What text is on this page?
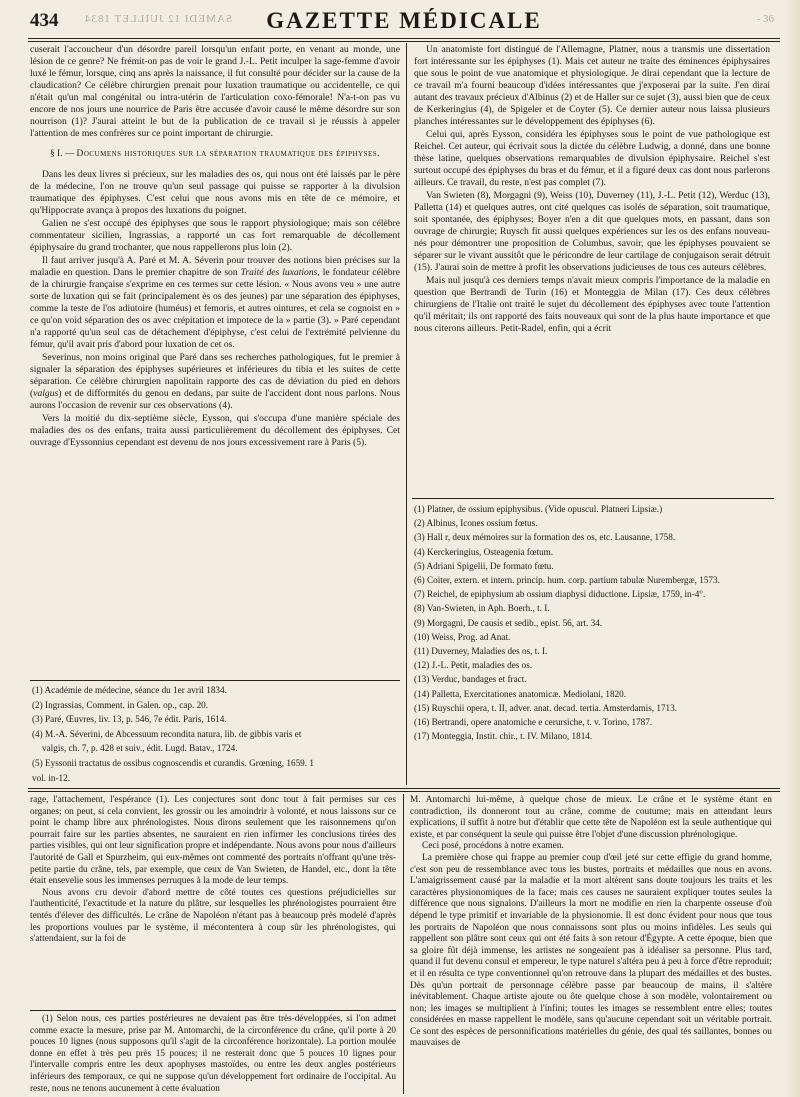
434 SAMEDI 12 JUILLET 1834	GAZETTE MÉDICALE	- 36

cuserait l'accoucheur d'un désordre pareil lorsqu'un enfant porte, en venant au monde, une lésion de ce genre? Ne frémit-on pas de voir le grand J.-L. Petit inculper la sage-femme d'avoir luxé le fémur, lorsque, cinq ans après la naissance, il fut consulté pour décider sur la cause de la claudication? Ce célèbre chirurgien prenait pour luxation traumatique ou accidentelle, ce qui n'était qu'un mal congénital ou intra-utérin de l'articulation coxo-fémorale! N'a-t-on pas vu encore de nos jours une nourrice de Paris être accusée d'avoir causé le même désordre sur son nourrison (1)? J'aurai atteint le but de la publication de ce travail si je réussis à appeler l'attention de mes confrères sur ce point important de chirurgie.

§ I. — Documens historiques sur la séparation traumatique des épiphyses.

Dans les deux livres si précieux, sur les maladies des os, qui nous ont été laissés par le père de la médecine, l'on ne trouve qu'un seul passage qui puisse se rapporter à la divulsion traumatique des épiphyses. C'est celui que nous avons mis en tête de ce mémoire, et qu'Hippocrate avança à propos des luxations du poignet.

Galien ne s'est occupé des épiphyses que sous le rapport physiologique; mais son célèbre commentateur sicilien, Ingrassias, a rapporté un cas fort remarquable de décollement épiphysaire du grand trochanter, que nous rappellerons plus loin (2).

Il faut arriver jusqu'à A. Paré et M. A. Séverin pour trouver des notions bien précises sur la maladie en question. Dans le premier chapitre de son Traité des luxations, le fondateur célèbre de la chirurgie française s'exprime en ces termes sur cette lésion. « Nous avons veu » une autre sorte de luxation qui se fait (principalement ès os des jeunes) par une séparation des épiphyses, comme la teste de l'os adiutoire (huméus) et femoris, et autres ointures, et cela se cognoist en » ce qu'on void séparation des os avec crépitation et impotece de la » partie (3). » Paré cependant n'a rapporté qu'un seul cas de détachement d'épiphyse, c'est celui de l'extrémité pelvienne du fémur, qu'il avait pris d'abord pour luxation de cet os.

Severinus, non moins original que Paré dans ses recherches pathologiques, fut le premier à signaler la séparation des épiphyses supérieures et inférieures du tibia et les suites de cette séparation. Ce célèbre chirurgien napolitain rapporte des cas de déviation du pied en dehors (valgus) et de difformités du genou en dedans, par suite de l'accident dont nous parlons. Nous aurons l'occasion de revenir sur ces observations (4).

Vers la moitié du dix-septième siècle, Eysson, qui s'occupa d'une manière spéciale des maladies des os des enfans, traita aussi particulièrement du décollement des épiphyses. Cet ouvrage d'Eyssonnius cependant est devenu de nos jours excessivement rare à Paris (5).

(1) Académie de médecine, séance du 1er avril 1834.
(2) Ingrassias, Comment. in Galen. op., cap. 20.
(3) Paré, Œuvres, liv. 13, p. 546, 7e édit. Paris, 1614.
(4) M.-A. Séverini, de Abcessuum recondita natura, lib. de gibbis varis et
valgis, ch. 7, p. 428 et suiv., édit. Lugd. Batav., 1724.
(5) Eyssonii tractatus de ossibus cognoscendis et curandis. Grœning, 1659. 1
vol. in-12.

Un anatomiste fort distingué de l'Allemagne, Platner, nous a transmis une dissertation fort intéressante sur les épiphyses (1). Mais cet auteur ne traite des éminences épiphysaires que sous le point de vue anatomique et physiologique. Je dirai cependant que la lecture de ce travail m'a fourni beaucoup d'idées intéressantes que j'exposerai par la suite. J'en dirai autant des travaux précieux d'Albinus (2) et de Haller sur ce sujet (3), aussi bien que de ceux de Kerkeringius (4), de Spigeler et de Coyter (5). Ce dernier auteur nous laissa plusieurs planches intéressantes sur le développement des épiphyses (6).

Celui qui, après Eysson, considéra les épiphyses sous le point de vue pathologique est Reichel. Cet auteur, qui écrivait sous la dictée du célèbre Ludwig, a donné, dans une bonne thèse latine, quelques observations remarquables de divulsion épiphysaire. Reichel s'est surtout occupé des épiphyses du bras et du fémur, et il a figuré deux cas dont nous parlerons ailleurs. Ce travail, du reste, n'est pas complet (7).

Van Swieten (8), Morgagni (9), Weiss (10), Duverney (11), J.-L. Petit (12), Werduc (13), Palletta (14) et quelques autres, ont cité quelques cas isolés de séparation, soit traumatique, soit spontanée, des épiphyses; Boyer n'en a dit que quelques mots, en passant, dans son ouvrage de chirurgie; Ruysch fit aussi quelques expériences sur les os des enfans nouveau-nés pour démontrer une proposition de Columbus, savoir, que les épiphyses pouvaient se séparer sur le vivant aussitôt que le péricondre de leur cartilage de conjugaison serait détruit (15). J'aurai soin de mettre à profit les observations judicieuses de tous ces auteurs célèbres.

Mais nul jusqu'à ces derniers temps n'avait mieux compris l'importance de la maladie en question que Bertrandi de Turin (16) et Monteggia de Milan (17). Ces deux célèbres chirurgiens de l'Italie ont traité le sujet du décollement des épiphyses avec toute l'attention qu'il méritait; ils ont rapporté des faits nouveaux qui sont de la plus haute importance et que nous citerons ailleurs. Petit-Radel, enfin, qui a écrit

(1) Platner, de ossium epiphysibus. (Vide opuscul. Platneri Lipsiæ.)
(2) Albinus, Icones ossium fœtus.
(3) Hall r, deux mémoires sur la formation des os, etc. Lausanne, 1758.
(4) Kerckeringius, Osteagenia fœtum.
(5) Adriani Spigelii, De formato fœtu.
(6) Coiter, extern. et intern. princip. hum. corp. partium tabulæ Nurembergæ, 1573.
(7) Reichel, de epiphysium ab ossium diaphysi diductione. Lipsiæ, 1759, in-4°.
(8) Van-Swieten, in Aph. Boerh., t. I.
(9) Morgagni, De causis et sedib., epist. 56, art. 34.
(10) Weiss, Prog. ad Anat.
(11) Duverney, Maladies des os, t. I.
(12) J.-L. Petit, maladies des os.
(13) Verduc, bandages et fract.
(14) Palletta, Exercitationes anatomicæ. Mediolani, 1820.
(15) Ruyschii opera, t. II, adver. anat. decad. tertia. Amsterdamis, 1713.
(16) Bertrandi, opere anatomiche e cerursiche, t. v. Torino, 1787.
(17) Monteggia, Instit. chir., t. IV. Milano, 1814.

rage, l'attachement, l'espérance (1). Les conjectures sont donc tout à fait permises sur ces organes; on peut, si cela convient, les grossir ou les amoindrir à volonté, et nous laissons sur ce point le champ libre aux phrénologistes. Nous dirons seulement que les raisonnemens qu'on pourrait faire sur les parties absentes, ne sauraient en rien infirmer les conclusions tirées des parties visibles, qui ont leur signification propre et indépendante. Nous avons pour nous d'ailleurs l'autorité de Gall et Spurzheim, qui eux-mêmes ont commenté des portraits n'offrant qu'une très-petite partie du crâne, tels, par exemple, que ceux de Van Swieten, de Handel, etc., dont la tête était ensevelie sous les immenses perruques à la mode de leur temps.

Nous avons cru devoir d'abord mettre de côté toutes ces questions préjudicielles sur l'authenticité, l'exactitude et la nature du plâtre, sur lesquelles les phrénologistes pourraient être tentés d'élever des difficultés. Le crâne de Napoléon n'étant pas à beaucoup près modelé d'après les proportions voulues par le système, il mécontentera à coup sûr les phrénologistes, qui s'attendaient, sur la foi de

(1) Selon nous, ces parties postérieures ne devaient pas être très-développées, si l'on admet comme exacte la mesure, prise par M. Antomarchi, de la circonférence du crâne, qu'il porte à 20 pouces 10 lignes (nous supposons qu'il s'agit de la circonférence horizontale). La portion moulée donne en effet à très peu près 15 pouces; il ne resterait donc que 5 pouces 10 lignes pour l'intervalle compris entre les deux apophyses mastoïdes, ou entre les deux angles postérieurs inférieurs des temporaux, ce qui ne suppose qu'un développement fort ordinaire de l'occipital. Au reste, nous ne tenons aucunement à cette évaluation

M. Antomarchi lui-même, à quelque chose de mieux. Le crâne et le système étant en contradiction, ils donneront tout au crâne, comme de coutume; mais en attendant leurs explications, il suffit à notre but d'établir que cette tête de Napoléon est la seule authentique qui existe, et par conséquent la seule qui puisse être l'objet d'une discussion phrénologique.

Ceci posé, procédons à notre examen.

La première chose qui frappe au premier coup d'œil jeté sur cette effigie du grand homme, c'est son peu de ressemblance avec tous les bustes, portraits et médailles que nous en avons. L'amaigrissement causé par la maladie et la mort altèrent sans doute toujours les traits et les caractères physionomiques de la face; mais ces causes ne sauraient expliquer toutes seules la différence que nous signalons. D'ailleurs la mort ne modifie en rien la charpente osseuse d'où dépend le type primitif et invariable de la physionomie. Il est donc évident pour nous que tous les portraits de Napoléon que nous connaissons sont plus ou moins infidèles. Les seuls qui rappellent son plâtre sont ceux qui ont été faits à son retour d'Égypte. A cette époque, bien que sa gloire fût déjà immense, les artistes ne songeaient pas à idéaliser sa personne. Plus tard, quand il fut devenu consul et empereur, le type naturel s'altéra peu à peu à force d'être reproduit; et il en résulta ce type conventionnel qu'on retrouve dans la plupart des médailles et des bustes. Dès qu'un portrait de personnage célèbre passe par beaucoup de mains, il s'altère inévitablement. Chaque artiste ajoute ou ôte quelque chose à son modèle, volontairement ou non; les images se multiplient à l'infini; toutes les images se ressemblent entre elles; toutes considérées en masse rappellent le modèle, sans qu'aucune cependant soit un véritable portrait. Ce sont des espèces de personnifications matérielles du génie, des qual tés saillantes, bonnes ou mauvaises de
